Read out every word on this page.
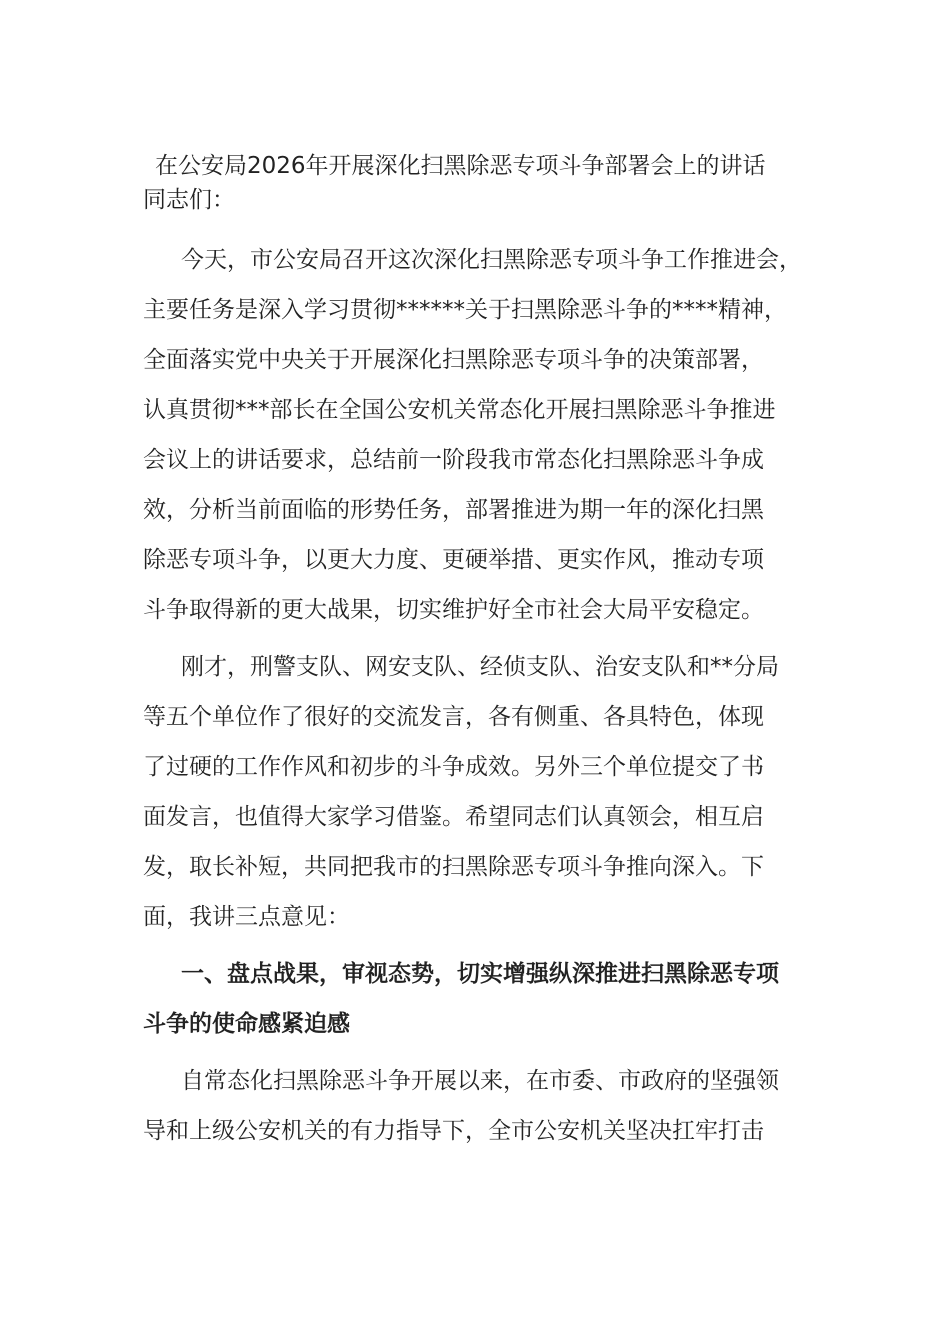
在公安局2026年开展深化扫黑除恶专项斗争部署会上的讲话
同志们：
今天，市公安局召开这次深化扫黑除恶专项斗争工作推进会，
主要任务是深入学习贯彻******关于扫黑除恶斗争的****精神，
全面落实党中央关于开展深化扫黑除恶专项斗争的决策部署，
认真贯彻***部长在全国公安机关常态化开展扫黑除恶斗争推进
会议上的讲话要求，总结前一阶段我市常态化扫黑除恶斗争成
效，分析当前面临的形势任务，部署推进为期一年的深化扫黑
除恶专项斗争，以更大力度、更硬举措、更实作风，推动专项
斗争取得新的更大战果，切实维护好全市社会大局平安稳定。
刚才，刑警支队、网安支队、经侦支队、治安支队和**分局
等五个单位作了很好的交流发言，各有侧重、各具特色，体现
了过硬的工作作风和初步的斗争成效。另外三个单位提交了书
面发言，也值得大家学习借鉴。希望同志们认真领会，相互启
发，取长补短，共同把我市的扫黑除恶专项斗争推向深入。下
面，我讲三点意见：
一、盘点战果，审视态势，切实增强纵深推进扫黑除恶专项
斗争的使命感紧迫感
自常态化扫黑除恶斗争开展以来，在市委、市政府的坚强领
导和上级公安机关的有力指导下，全市公安机关坚决扛牢打击
